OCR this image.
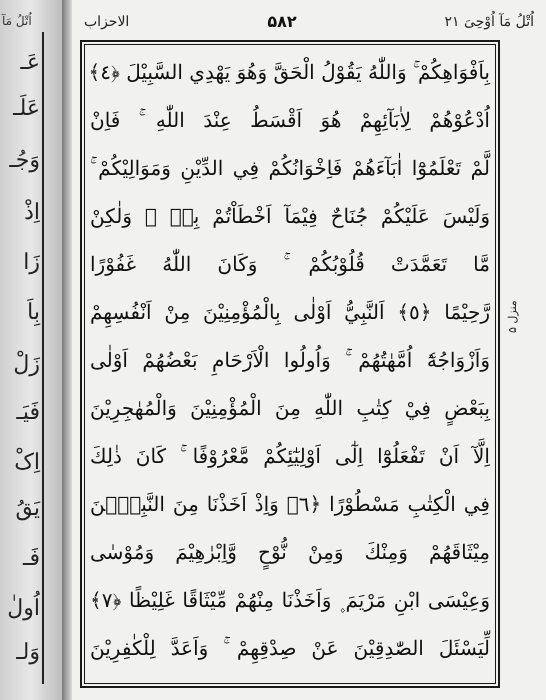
اُتْلُ مَآ
عَـ
عَلَـ
وَجُـ
اِذْ
زَا
بِاَ
زَلْ
فَیَـ
اِکْ
یَقُ
فَـ
اُولٰ
وَلـ
الاحزاب	۵۸۲	اُتْلُ مَآ اُوْحِیَ ۲۱
بِاَفْوَاهِكُمْ ۚ وَاللّٰهُ يَقُوْلُ الْحَقَّ وَهُوَ يَهْدِي السَّبِيْلَ ﴿٤﴾
اُدْعُوْهُمْ لِاٰبَآئِهِمْ هُوَ اَقْسَطُ عِنْدَ اللّٰهِ ۚ فَاِنْ
لَّمْ تَعْلَمُوْٓا اٰبَآءَهُمْ فَاِخْوَانُكُمْ فِي الدِّيْنِ وَمَوَالِيْكُمْ ۚ
وَلَيْسَ عَلَيْكُمْ جُنَاحٌ فِيْمَآ اَخْطَاْتُمْ بِهٖ ۙ وَلٰكِنْ
مَّا تَعَمَّدَتْ قُلُوْبُكُمْ ۚ وَكَانَ اللّٰهُ غَفُوْرًا
رَّحِيْمًا ﴿٥﴾ اَلنَّبِيُّ اَوْلٰى بِالْمُؤْمِنِيْنَ مِنْ اَنْفُسِهِمْ
وَاَزْوَاجُهٗٓ اُمَّهٰتُهُمْ ۚ وَاُولُوا الْاَرْحَامِ بَعْضُهُمْ اَوْلٰى
بِبَعْضٍ فِيْ كِتٰبِ اللّٰهِ مِنَ الْمُؤْمِنِيْنَ وَالْمُهٰجِرِيْنَ
اِلَّآ اَنْ تَفْعَلُوْٓا اِلٰٓى اَوْلِيٰٓئِكُمْ مَّعْرُوْفًا ۚ كَانَ ذٰلِكَ
فِي الْكِتٰبِ مَسْطُوْرًا ﴿٦﴾ وَاِذْ اَخَذْنَا مِنَ النَّبِيّٖنَ
مِيْثَاقَهُمْ وَمِنْكَ وَمِنْ نُّوْحٍ وَّاِبْرٰهِيْمَ وَمُوْسٰى
وَعِيْسَى ابْنِ مَرْيَمَ ۪ وَاَخَذْنَا مِنْهُمْ مِّيْثَاقًا غَلِيْظًا ﴿٧﴾
لِّيَسْئَلَ الصّٰدِقِيْنَ عَنْ صِدْقِهِمْ ۚ وَاَعَدَّ لِلْكٰفِرِيْنَ
منزل ۵
